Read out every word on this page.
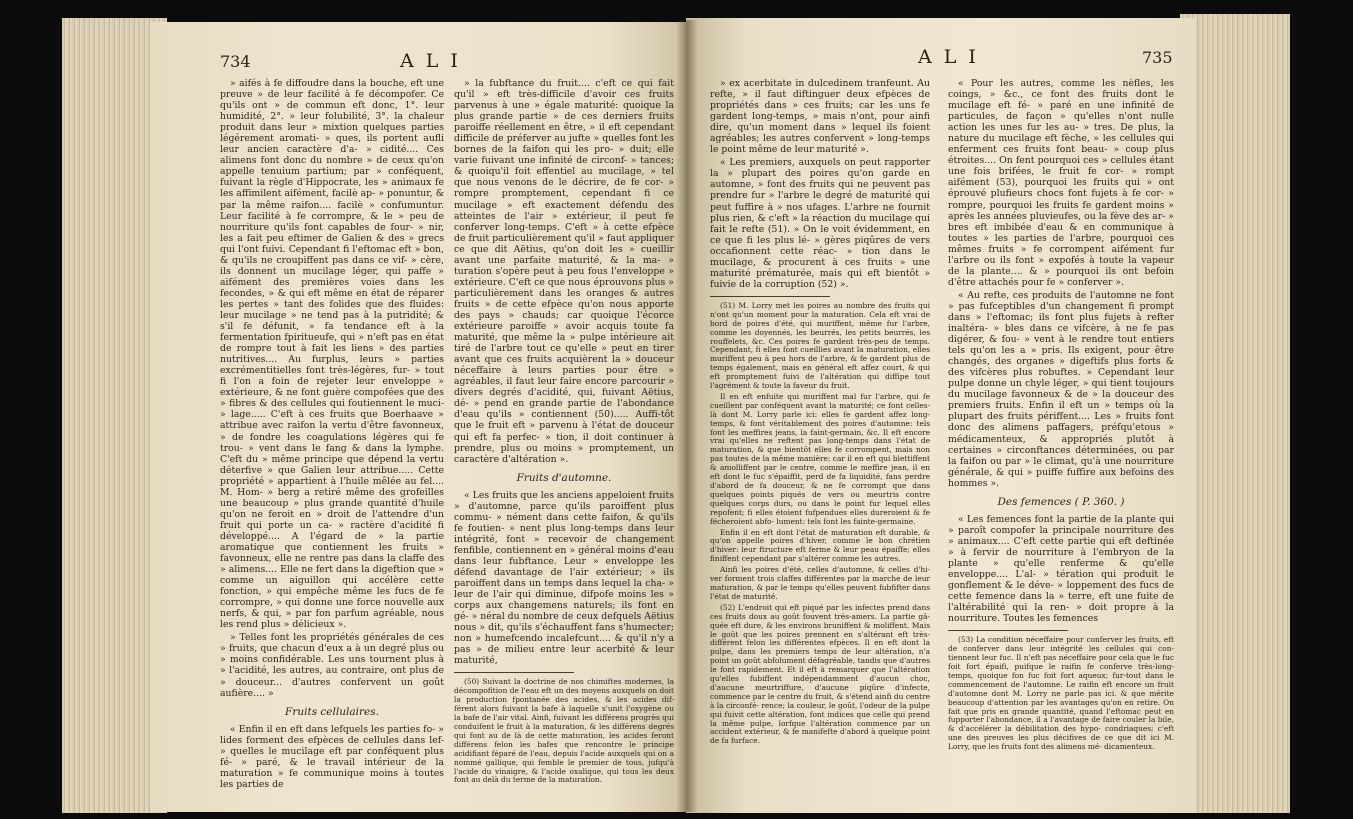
734	A L I

» aifés à fe diffoudre dans la bouche, eft une preuve » de leur facilité à fe décompofer. Ce qu'ils ont » de commun eft donc, 1°. leur humidité, 2°. » leur folubilité, 3°. la chaleur produit dans leur » mixtion quelques parties légérement aromati- » ques, ils portent aufli leur ancien caractère d'a- » cidité.... Ces alimens font donc du nombre » de ceux qu'on appelle tenuium partium; par » conféquent, fuivant la règle d'Hippocrate, les » animaux fe les affimilent aifément, facilè ap- » ponuntur, & par la même raifon.... facilè » confumuntur. Leur facilité à fe corrompre, & le » peu de nourriture qu'ils font capables de four- » nir, les a fait peu eftimer de Galien & des » grecs qui l'ont fuivi. Cependant fi l'eftomac eft » bon, & qu'ils ne croupiffent pas dans ce vif- » cère, ils donnent un mucilage léger, qui paffe » aifément des premières voies dans les fecondes, » & qui eft même en état de réparer les pertes » tant des folides que des fluides: leur mucilage » ne tend pas à la putridité; & s'il fe défunit, » fa tendance eft à la fermentation fpiritueufe, qui » n'eft pas en état de rompre tout à fait les liens » des parties nutritives.... Au furplus, leurs » parties excrémentitielles font très-légères, fur- » tout fi l'on a foin de rejeter leur enveloppe » extérieure, & ne font guère compofées que des » fibres & des cellules qui foutiennent le muci- » lage..... C'eft à ces fruits que Boerhaave » attribue avec raifon la vertu d'être favonneux, » de fondre les coagulations légères qui fe trou- » vent dans le fang & dans la lymphe. C'eft du » même principe que dépend la vertu déterfive » que Galien leur attribue..... Cette propriété » appartient à l'huile mêlée au fel.... M. Hom- » berg a retiré même des grofeilles une beaucoup » plus grande quantité d'huile qu'on ne feroit en » droit de l'attendre d'un fruit qui porte un ca- » ractère d'acidité fi développé.... A l'égard de » la partie aromatique que contiennent les fruits » favonneux, elle ne rentre pas dans la claffe des » alimens.... Elle ne fert dans la digeftion que » comme un aiguillon qui accélère cette fonction, » qui empêche même les fucs de fe corrompre, » qui donne une force nouvelle aux nerfs, & qui, » par fon parfum agréable, nous les rend plus » délicieux ».

» Telles font les propriétés générales de ces » fruits, que chacun d'eux a à un degré plus ou » moins confidérable. Les uns tournent plus à » l'acidité, les autres, au contraire, ont plus de » douceur... d'autres confervent un goût aufière.... »

Fruits cellulaires.

« Enfin il en eft dans lefquels les parties fo- » lides forment des efpèces de cellules dans lef- » quelles le mucilage eft par conféquent plus fé- » paré, & le travail intérieur de la maturation » fe communique moins à toutes les parties de

» la fubftance du fruit.... c'eft ce qui fait qu'il » eft très-difficile d'avoir ces fruits parvenus à une » égale maturité: quoique la plus grande partie » de ces derniers fruits paroiffe réellement en être, » il eft cependant difficile de préferver au jufte » quelles font les bornes de la faifon qui les pro- » duit; elle varie fuivant une infinité de circonf- » tances; & quoiqu'il foit effentiel au mucilage, » tel que nous venons de le décrire, de fe cor- » rompre promptement, cependant fi ce mucilage » eft exactement défendu des atteintes de l'air » extérieur, il peut fe conferver long-temps. C'eft » à cette efpèce de fruit particulièrement qu'il » faut appliquer ce que dit Aëtius, qu'on doit les » cueillir avant une parfaite maturité, & la ma- » turation s'opère peut à peu fous l'enveloppe » extérieure. C'eft ce que nous éprouvons plus » particulièrement dans les oranges & autres fruits » de cette efpèce qu'on nous apporte des pays » chauds; car quoique l'écorce extérieure paroiffe » avoir acquis toute fa maturité, que même la » pulpe intérieure ait tiré de l'arbre tout ce qu'elle » peut en tirer avant que ces fruits acquièrent la » douceur néceffaire à leurs parties pour être » agréables, il faut leur faire encore parcourir » divers degrés d'acidité, qui, fuivant Aëtius, dé- » pend en grande partie de l'abondance d'eau qu'ils » contiennent (50)..... Auffi-tôt que le fruit eft » parvenu à l'état de douceur qui eft fa perfec- » tion, il doit continuer à prendre, plus ou moins » promptement, un caractère d'altération ».

Fruits d'automne.

« Les fruits que les anciens appeloient fruits » d'automne, parce qu'ils paroiffent plus commu- » nément dans cette faifon, & qu'ils fe foutien- » nent plus long-temps dans leur intégrité, font » recevoir de changement fenfible, contiennent en » général moins d'eau dans leur fubftance. Leur » enveloppe les défend davantage de l'air extérieur; » ils paroiffent dans un temps dans lequel la cha- » leur de l'air qui diminue, difpofe moins les » corps aux changemens naturels; ils font en gé- » néral du nombre de ceux defquels Aëtius nous » dit, qu'ils s'échauffent fans s'humecter; non » humefcendo incalefcunt.... & qu'il n'y a pas » de milieu entre leur acerbité & leur maturité,

(50) Suivant la doctrine de nos chimiftes modernes, la décompofition de l'eau eft un des moyens auxquels on doit la production fpontanée des acides, & les acides dif- férent alors fuivant la bafe à laquelle s'unit l'oxygène ou la bafe de l'air vital. Ainfi, fuivant les différens progrès qui conduifent le fruit à la maturation, & les différens degrés qui font au de là de cette maturation, les acides feront différens felon les bafes que rencontre le principe acidifiant féparé de l'eau, depuis l'acide auxquels qui on a nommé gallique, qui femble le premier de tous, jufqu'à l'acide du vinaigre, & l'acide oxalique, qui tous les deux font au delà du terme de la maturation.

A L I	735

» ex acerbitate in dulcedinem tranfeunt. Au refte, » il faut diftinguer deux efpèces de propriétés dans » ces fruits; car les uns fe gardent long-temps, » mais n'ont, pour ainfi dire, qu'un moment dans » lequel ils foient agréables; les autres confervent » long-temps le point même de leur maturité ».

« Les premiers, auxquels on peut rapporter la » plupart des poires qu'on garde en automne, » font des fruits qui ne peuvent pas prendre fur » l'arbre le degré de maturité qui peut fuffire à » nos ufages. L'arbre ne fournit plus rien, & c'eft » la réaction du mucilage qui fait le refte (51). » On le voit évidemment, en ce que fi les plus lé- » gères piqûres de vers occafionnent cette réac- » tion dans le mucilage, & procurent à ces fruits » une maturité prématurée, mais qui eft bientôt » fuivie de la corruption (52) ».

(51) M. Lorry met les poires au nombre des fruits qui n'ont qu'un moment pour la maturation. Cela eft vrai de bord de poires d'été, qui muriffent, même fur l'arbre, comme les doyennés, les beurrés, les petits beurrés, les rouffelets, &c. Ces poires fe gardent très-peu de temps. Cependant, fi elles font cueillies avant la maturation, elles muriffent peu à peu hors de l'arbre, & fe gardent plus de temps également, mais en général eft affez court, & qui eft promptement fuivi de l'altération qui diffipe tout l'agrément & toute la faveur du fruit.

Il en eft enfuite qui muriffent mal fur l'arbre, qui fe cueillent par conféquent avant la maturité; ce font celles-là dont M. Lorry parle ici: elles fe gardent affez long-temps, & font véritablement des poires d'automne: tels font les meffires jeans, la faint-germain, &c. Il eft encore vrai qu'elles ne reftent pas long-temps dans l'état de maturation, & que bientôt elles fe corrompent, mais non pas toutes de la même manière; car il en eft qui blettiffent & amolliffent par le centre, comme le meffire jean, il en eft dont le fuc s'épaiffit, perd de fa liquidité, fans perdre d'abord de fa douceur, & ne fe corrompt que dans quelques points piqués de vers ou meurtris contre quelques corps durs, ou dans le point fur lequel elles repofent; fi elles étoient fufpendues elles dureroient & fe fécheroient abfo- lument: tels font les fainte-germaine.

Enfin il en eft dont l'état de maturation eft durable, & qu'on appelle poires d'hiver, comme le bon chrétien d'hiver: leur ftructure eft ferme & leur peau épaiffe; elles finiffent cependant par s'altérer comme les autres.

Ainfi les poires d'été, celles d'automne, & celles d'hi- ver forment trois claffes différentes par la marche de leur maturation, & par le temps qu'elles peuvent fubfifter dans l'état de maturité.

(52) L'endroit qui eft piqué par les infectes prend dans ces fruits doux au goût fouvent très-amers. La partie gâ- quée eft dure, & les environs bruniffent & moliffent. Mais le goût que les poires prennent en s'altérant eft très-différent felon les différentes efpèces. Il en eft dont la pulpe, dans les premiers temps de leur altération, n'a point un goût abfolument défagréable, tandis que d'autres le font rapidement. Et il eft à remarquer que l'altération qu'elles fubiffent indépendamment d'aucun choc, d'aucune meurtriffure, d'aucune piqûre d'infecte, commence par le centre du fruit, & s'étend ainfi du centre à la circonfé- rence; la couleur, le goût, l'odeur de la pulpe qui fuivit cette altération, font indices que celle qui prend la même pulpe, lorfque l'altération commence par un accident extérieur, & fe manifefte d'abord à quelque point de fa furface.

« Pour les autres, comme les nèfles, les coings, » &c., ce font des fruits dont le mucilage eft fé- » paré en une infinité de particules, de façon » qu'elles n'ont nulle action les unes fur les au- » tres. De plus, la nature du mucilage eft fèche, » les cellules qui enferment ces fruits font beau- » coup plus étroites.... On fent pourquoi ces » cellules étant une fois brifées, le fruit fe cor- » rompt aifément (53), pourquoi les fruits qui » ont éprouvé plufieurs chocs font fujets à fe cor- » rompre, pourquoi les fruits fe gardent moins » après les années pluvieufes, ou la fève des ar- » bres eft imbibée d'eau & en communique à toutes » les parties de l'arbre, pourquoi ces mêmes fruits » fe corrompent aifément fur l'arbre ou ils font » expofés à toute la vapeur de la plante.... & » pourquoi ils ont befoin d'être attachés pour fe » conferver ».

« Au refte, ces produits de l'automne ne font » pas fufceptibles d'un changement fi prompt dans » l'eftomac; ils font plus fujets à refter inaltéra- » bles dans ce vifcère, à ne fe pas digérer, & fou- » vent à le rendre tout entiers tels qu'on les a » pris. Ils exigent, pour être changés, des organes » digeftifs plus forts & des vifcères plus robuftes. » Cependant leur pulpe donne un chyle léger, » qui tient toujours du mucilage favonneux & de » la douceur des premiers fruits. Enfin il eft un » temps où la plupart des fruits périffent.... Les » fruits font donc des alimens paffagers, préfqu'etous » médicamenteux, & appropriés plutôt à certaines » circonftances déterminées, ou par la faifon ou par » le climat, qu'à une nourriture générale, & qui » puiffe fuffire aux befoins des hommes ».

Des femences ( P. 360. )

« Les femences font la partie de la plante qui » paroît compofer la principale nourriture des » animaux.... C'eft cette partie qui eft deftinée » à fervir de nourriture à l'embryon de la plante » qu'elle renferme & qu'elle enveloppe.... L'al- » tération qui produit le gonflement & le déve- » loppement des fucs de cette femence dans la » terre, eft une fuite de l'altérabilité qui la ren- » doit propre à la nourriture. Toutes les femences

(53) La condition néceffaire pour conferver les fruits, eft de conferver dans leur intégrité les cellules qui con- tiennent leur fuc. Il n'eft pas néceffaire pour cela que le fuc foit fort épaifi, puifque le raifin fe conferve très-long- temps, quoique fon fuc foit fort aqueux; fur-tout dans le commencement de l'automne. Le raifin eft encore un fruit d'automne dont M. Lorry ne parle pas ici. & que mérite beaucoup d'attention par les avantages qu'on en retire. On fait que pris en grande quantité, quand l'eftomac peut en fupporter l'abondance, il a l'avantage de faire couler la bile, & d'accélérer la débilitation des hypo- condriaques; c'eft une des preuves les plus décifives de ce que dit ici M. Lorry, que les fruits font des alimens mé- dicamenteux.
